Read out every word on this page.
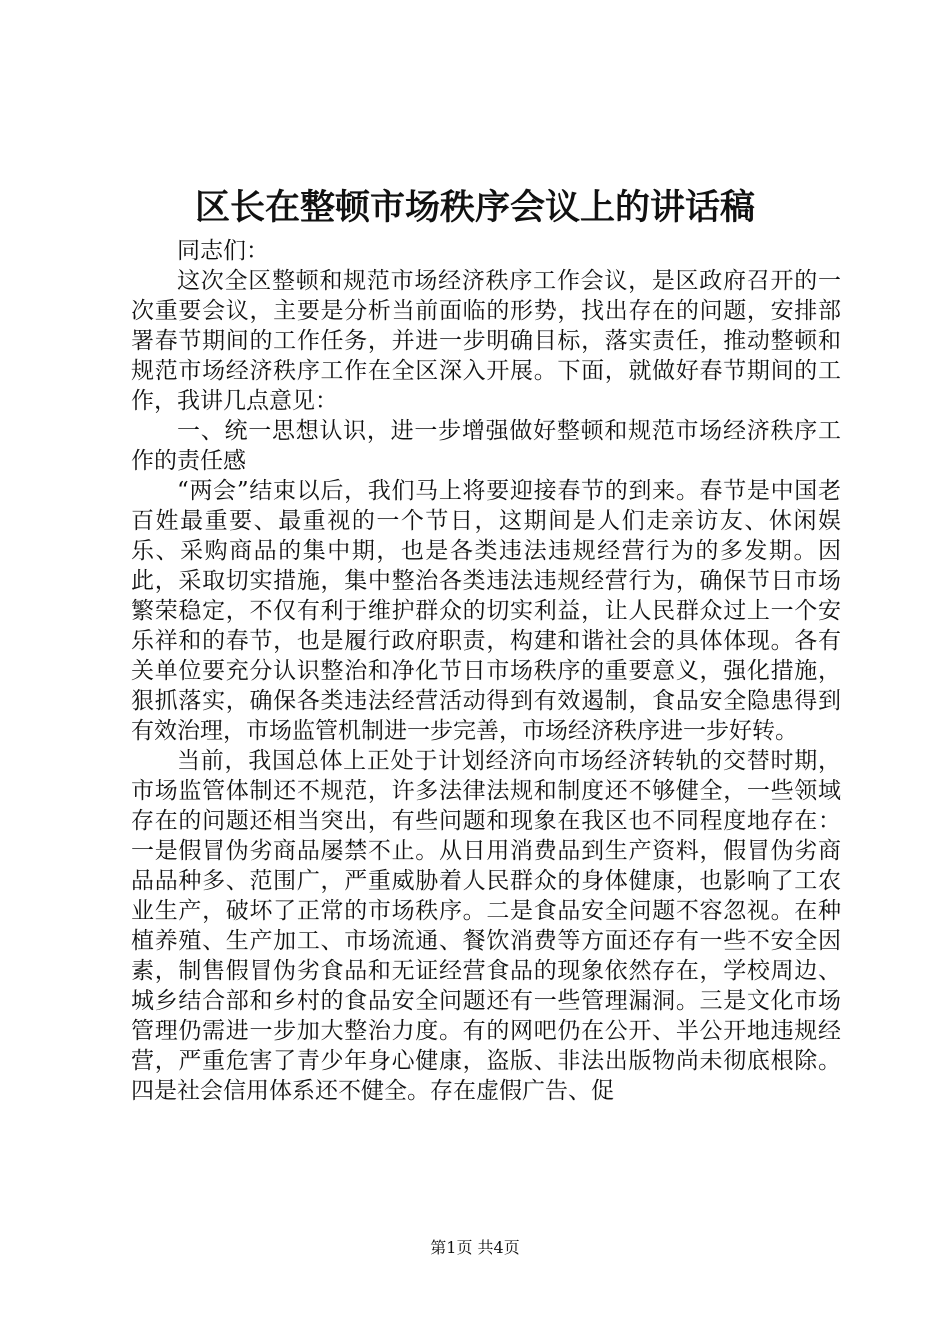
区长在整顿市场秩序会议上的讲话稿

同志们：

这次全区整顿和规范市场经济秩序工作会议，是区政府召开的一次重要会议，主要是分析当前面临的形势，找出存在的问题，安排部署春节期间的工作任务，并进一步明确目标，落实责任，推动整顿和规范市场经济秩序工作在全区深入开展。下面，就做好春节期间的工作，我讲几点意见：

一、统一思想认识，进一步增强做好整顿和规范市场经济秩序工作的责任感

“两会”结束以后，我们马上将要迎接春节的到来。春节是中国老百姓最重要、最重视的一个节日，这期间是人们走亲访友、休闲娱乐、采购商品的集中期，也是各类违法违规经营行为的多发期。因此，采取切实措施，集中整治各类违法违规经营行为，确保节日市场繁荣稳定，不仅有利于维护群众的切实利益，让人民群众过上一个安乐祥和的春节，也是履行政府职责，构建和谐社会的具体体现。各有关单位要充分认识整治和净化节日市场秩序的重要意义，强化措施，狠抓落实，确保各类违法经营活动得到有效遏制，食品安全隐患得到有效治理，市场监管机制进一步完善，市场经济秩序进一步好转。

当前，我国总体上正处于计划经济向市场经济转轨的交替时期，市场监管体制还不规范，许多法律法规和制度还不够健全，一些领域存在的问题还相当突出，有些问题和现象在我区也不同程度地存在：一是假冒伪劣商品屡禁不止。从日用消费品到生产资料，假冒伪劣商品品种多、范围广，严重威胁着人民群众的身体健康，也影响了工农业生产，破坏了正常的市场秩序。二是食品安全问题不容忽视。在种植养殖、生产加工、市场流通、餐饮消费等方面还存有一些不安全因素，制售假冒伪劣食品和无证经营食品的现象依然存在，学校周边、城乡结合部和乡村的食品安全问题还有一些管理漏洞。三是文化市场管理仍需进一步加大整治力度。有的网吧仍在公开、半公开地违规经营，严重危害了青少年身心健康，盗版、非法出版物尚未彻底根除。四是社会信用体系还不健全。存在虚假广告、促

第1页 共4页
